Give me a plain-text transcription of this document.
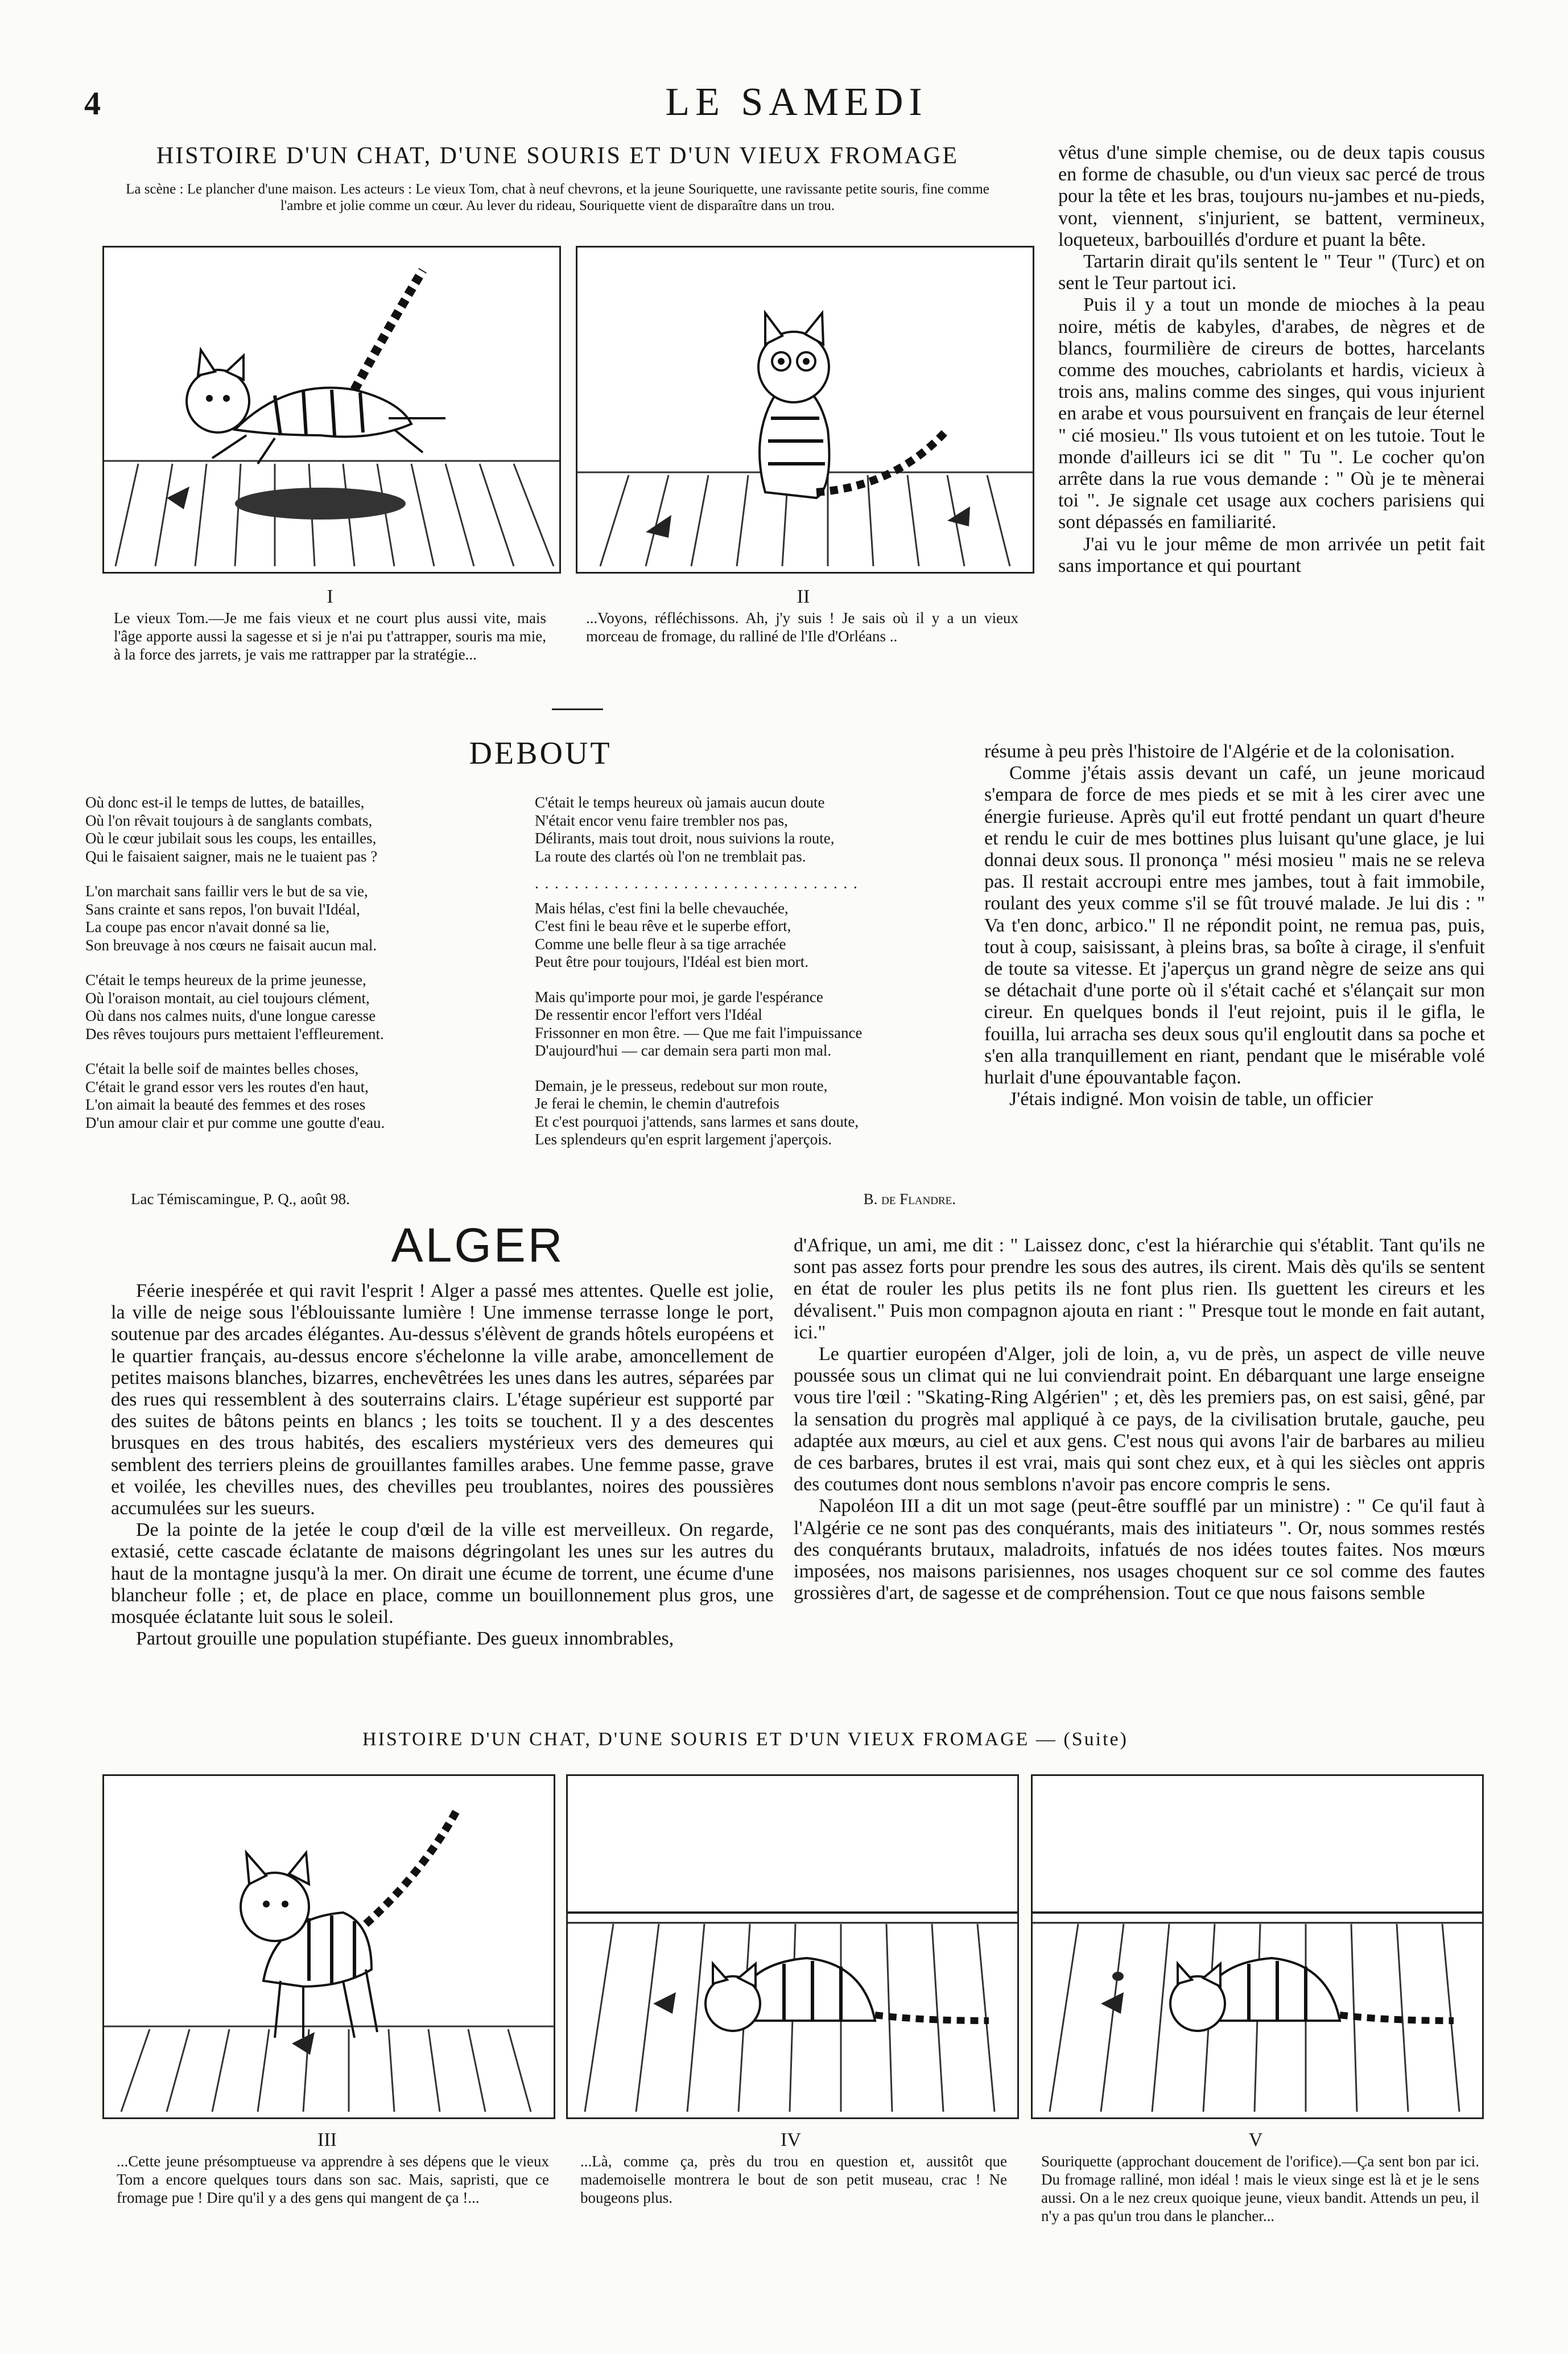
4	LE SAMEDI
HISTOIRE D'UN CHAT, D'UNE SOURIS ET D'UN VIEUX FROMAGE
La scène : Le plancher d'une maison. Les acteurs : Le vieux Tom, chat à neuf chevrons, et la jeune Souriquette, une ravissante petite souris, fine comme l'ambre et jolie comme un cœur. Au lever du rideau, Souriquette vient de disparaître dans un trou.
I
Le vieux Tom.—Je me fais vieux et ne court plus aussi vite, mais l'âge apporte aussi la sagesse et si je n'ai pu t'attrapper, souris ma mie, à la force des jarrets, je vais me rattrapper par la stratégie...
II
...Voyons, réfléchissons. Ah, j'y suis ! Je sais où il y a un vieux morceau de fromage, du ralliné de l'Ile d'Orléans ..

vêtus d'une simple chemise, ou de deux tapis cousus en forme de chasuble, ou d'un vieux sac percé de trous pour la tête et les bras, toujours nu-jambes et nu-pieds, vont, viennent, s'injurient, se battent, vermineux, loqueteux, barbouillés d'ordure et puant la bête.

Tartarin dirait qu'ils sentent le " Teur " (Turc) et on sent le Teur partout ici.

Puis il y a tout un monde de mioches à la peau noire, métis de kabyles, d'arabes, de nègres et de blancs, fourmilière de cireurs de bottes, harcelants comme des mouches, cabriolants et hardis, vicieux à trois ans, malins comme des singes, qui vous injurient en arabe et vous poursuivent en français de leur éternel " cié mosieu." Ils vous tutoient et on les tutoie. Tout le monde d'ailleurs ici se dit " Tu ". Le cocher qu'on arrête dans la rue vous demande : " Où je te mènerai toi ". Je signale cet usage aux cochers parisiens qui sont dépassés en familiarité.

J'ai vu le jour même de mon arrivée un petit fait sans importance et qui pourtant

résume à peu près l'histoire de l'Algérie et de la colonisation.

Comme j'étais assis devant un café, un jeune moricaud s'empara de force de mes pieds et se mit à les cirer avec une énergie furieuse. Après qu'il eut frotté pendant un quart d'heure et rendu le cuir de mes bottines plus luisant qu'une glace, je lui donnai deux sous. Il prononça " mési mosieu " mais ne se releva pas. Il restait accroupi entre mes jambes, tout à fait immobile, roulant des yeux comme s'il se fût trouvé malade. Je lui dis : " Va t'en donc, arbico." Il ne répondit point, ne remua pas, puis, tout à coup, saisissant, à pleins bras, sa boîte à cirage, il s'enfuit de toute sa vitesse. Et j'aperçus un grand nègre de seize ans qui se détachait d'une porte où il s'était caché et s'élançait sur mon cireur. En quelques bonds il l'eut rejoint, puis il le gifla, le fouilla, lui arracha ses deux sous qu'il engloutit dans sa poche et s'en alla tranquillement en riant, pendant que le misérable volé hurlait d'une épouvantable façon.

J'étais indigné. Mon voisin de table, un officier

DEBOUT
Où donc est-il le temps de luttes, de batailles,
Où l'on rêvait toujours à de sanglants combats,
Où le cœur jubilait sous les coups, les entailles,
Qui le faisaient saigner, mais ne le tuaient pas ?
L'on marchait sans faillir vers le but de sa vie,
Sans crainte et sans repos, l'on buvait l'Idéal,
La coupe pas encor n'avait donné sa lie,
Son breuvage à nos cœurs ne faisait aucun mal.
C'était le temps heureux de la prime jeunesse,
Où l'oraison montait, au ciel toujours clément,
Où dans nos calmes nuits, d'une longue caresse
Des rêves toujours purs mettaient l'effleurement.
C'était la belle soif de maintes belles choses,
C'était le grand essor vers les routes d'en haut,
L'on aimait la beauté des femmes et des roses
D'un amour clair et pur comme une goutte d'eau.
C'était le temps heureux où jamais aucun doute
N'était encor venu faire trembler nos pas,
Délirants, mais tout droit, nous suivions la route,
La route des clartés où l'on ne tremblait pas.
. . . . . . . . . . . . . . . . . . . . . . . . . . . . . . . . .
Mais hélas, c'est fini la belle chevauchée,
C'est fini le beau rêve et le superbe effort,
Comme une belle fleur à sa tige arrachée
Peut être pour toujours, l'Idéal est bien mort.
Mais qu'importe pour moi, je garde l'espérance
De ressentir encor l'effort vers l'Idéal
Frissonner en mon être. — Que me fait l'impuissance
D'aujourd'hui — car demain sera parti mon mal.
Demain, je le presseus, redebout sur mon route,
Je ferai le chemin, le chemin d'autrefois
Et c'est pourquoi j'attends, sans larmes et sans doute,
Les splendeurs qu'en esprit largement j'aperçois.
Lac Témiscamingue, P. Q., août 98.	B. de Flandre.
ALGER

Féerie inespérée et qui ravit l'esprit ! Alger a passé mes attentes. Quelle est jolie, la ville de neige sous l'éblouissante lumière ! Une immense terrasse longe le port, soutenue par des arcades élégantes. Au-dessus s'élèvent de grands hôtels européens et le quartier français, au-dessus encore s'échelonne la ville arabe, amoncellement de petites maisons blanches, bizarres, enchevêtrées les unes dans les autres, séparées par des rues qui ressemblent à des souterrains clairs. L'étage supérieur est supporté par des suites de bâtons peints en blancs ; les toits se touchent. Il y a des descentes brusques en des trous habités, des escaliers mystérieux vers des demeures qui semblent des terriers pleins de grouillantes familles arabes. Une femme passe, grave et voilée, les chevilles nues, des chevilles peu troublantes, noires des poussières accumulées sur les sueurs.

De la pointe de la jetée le coup d'œil de la ville est merveilleux. On regarde, extasié, cette cascade éclatante de maisons dégringolant les unes sur les autres du haut de la montagne jusqu'à la mer. On dirait une écume de torrent, une écume d'une blancheur folle ; et, de place en place, comme un bouillonnement plus gros, une mosquée éclatante luit sous le soleil.

Partout grouille une population stupéfiante. Des gueux innombrables,

d'Afrique, un ami, me dit : " Laissez donc, c'est la hiérarchie qui s'établit. Tant qu'ils ne sont pas assez forts pour prendre les sous des autres, ils cirent. Mais dès qu'ils se sentent en état de rouler les plus petits ils ne font plus rien. Ils guettent les cireurs et les dévalisent." Puis mon compagnon ajouta en riant : " Presque tout le monde en fait autant, ici."

Le quartier européen d'Alger, joli de loin, a, vu de près, un aspect de ville neuve poussée sous un climat qui ne lui conviendrait point. En débarquant une large enseigne vous tire l'œil : "Skating-Ring Algérien" ; et, dès les premiers pas, on est saisi, gêné, par la sensation du progrès mal appliqué à ce pays, de la civilisation brutale, gauche, peu adaptée aux mœurs, au ciel et aux gens. C'est nous qui avons l'air de barbares au milieu de ces barbares, brutes il est vrai, mais qui sont chez eux, et à qui les siècles ont appris des coutumes dont nous semblons n'avoir pas encore compris le sens.

Napoléon III a dit un mot sage (peut-être soufflé par un ministre) : " Ce qu'il faut à l'Algérie ce ne sont pas des conquérants, mais des initiateurs ". Or, nous sommes restés des conquérants brutaux, maladroits, infatués de nos idées toutes faites. Nos mœurs imposées, nos maisons parisiennes, nos usages choquent sur ce sol comme des fautes grossières d'art, de sagesse et de compréhension. Tout ce que nous faisons semble

HISTOIRE D'UN CHAT, D'UNE SOURIS ET D'UN VIEUX FROMAGE — (Suite)
III
...Cette jeune présomptueuse va apprendre à ses dépens que le vieux Tom a encore quelques tours dans son sac. Mais, sapristi, que ce fromage pue ! Dire qu'il y a des gens qui mangent de ça !...
IV
...Là, comme ça, près du trou en question et, aussitôt que mademoiselle montrera le bout de son petit museau, crac ! Ne bougeons plus.
V
Souriquette (approchant doucement de l'orifice).—Ça sent bon par ici. Du fromage ralliné, mon idéal ! mais le vieux singe est là et je le sens aussi. On a le nez creux quoique jeune, vieux bandit. Attends un peu, il n'y a pas qu'un trou dans le plancher...
